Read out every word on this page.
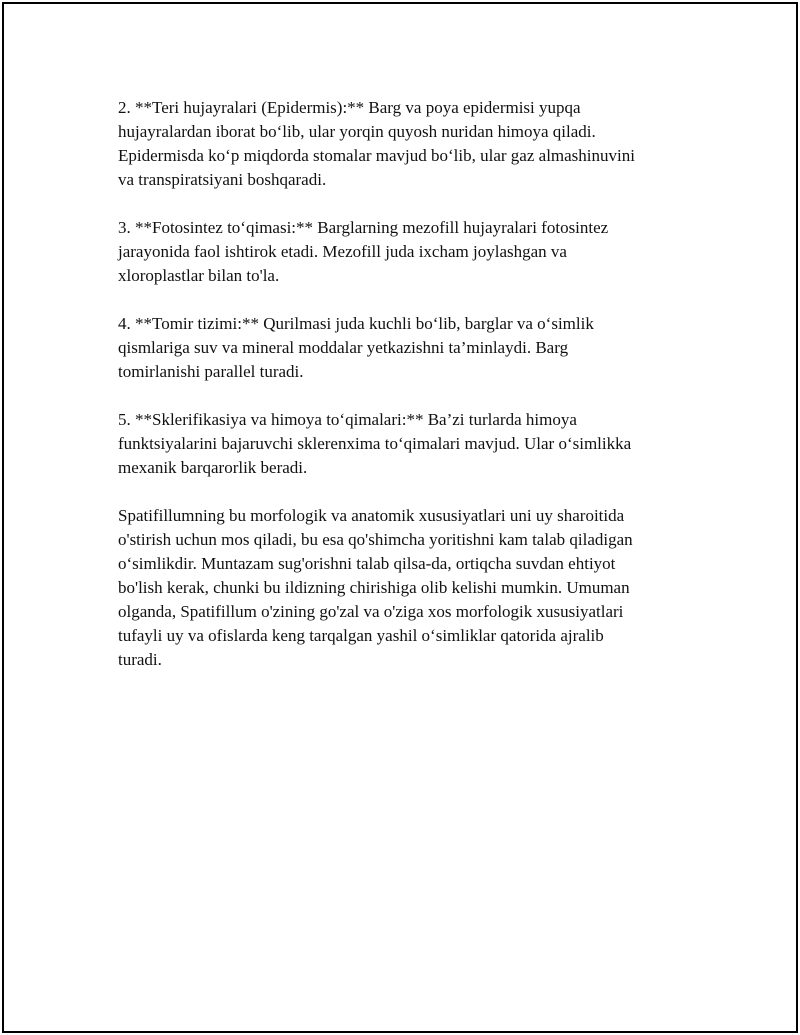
2. **Teri hujayralari (Epidermis):** Barg va poya epidermisi yupqa
hujayralardan iborat bo‘lib, ular yorqin quyosh nuridan himoya qiladi.
Epidermisda ko‘p miqdorda stomalar mavjud bo‘lib, ular gaz almashinuvini
va transpiratsiyani boshqaradi.

3. **Fotosintez to‘qimasi:** Barglarning mezofill hujayralari fotosintez
jarayonida faol ishtirok etadi. Mezofill juda ixcham joylashgan va
xloroplastlar bilan to'la.

4. **Tomir tizimi:** Qurilmasi juda kuchli bo‘lib, barglar va o‘simlik
qismlariga suv va mineral moddalar yetkazishni ta’minlaydi. Barg
tomirlanishi parallel turadi.

5. **Sklerifikasiya va himoya to‘qimalari:** Ba’zi turlarda himoya
funktsiyalarini bajaruvchi sklerenxima to‘qimalari mavjud. Ular o‘simlikka
mexanik barqarorlik beradi.

Spatifillumning bu morfologik va anatomik xususiyatlari uni uy sharoitida
o'stirish uchun mos qiladi, bu esa qo'shimcha yoritishni kam talab qiladigan
o‘simlikdir. Muntazam sug'orishni talab qilsa-da, ortiqcha suvdan ehtiyot
bo'lish kerak, chunki bu ildizning chirishiga olib kelishi mumkin. Umuman
olganda, Spatifillum o'zining go'zal va o'ziga xos morfologik xususiyatlari
tufayli uy va ofislarda keng tarqalgan yashil o‘simliklar qatorida ajralib
turadi.
